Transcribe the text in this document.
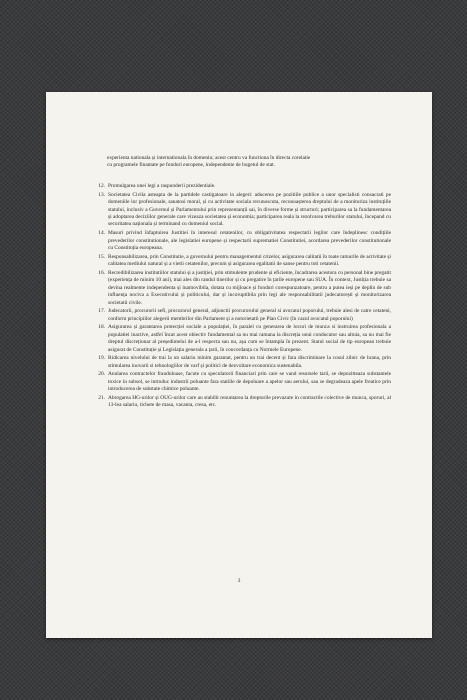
experienta nationala și internationala în domeniu; acest centru va functiona în directa corelatie

cu programele finantate pe fonduri europene, independente de bugetul de stat.

12. Promulgarea unei legi a raspunderii prezidentiale.
13. Societatea Civila asteapta de la partidele castigatoare in alegeri: aducerea pe pozitiile publice a unor specialisti consacrati pe domeniile lor profesionale, sanatosi moral, și cu activitate sociala recunoscuta, recunoașterea dreptului de a monitoriza instituțiile statului, inclusiv a Guvernul și Parlamentului prin reprezentanții sai, în diverse forme și structuri; participarea sa la fundamentarea și adoptarea deciziilor generale care vizeaza societatea și economia; participarea reala la rezolvarea treburilor statului, începand cu securitatea naționala și terminand cu domeniul social.
14. Masuri privind înfaptuirea Justitiei în interesul cetatenilor, cu obligativitatea respectarii legilor care îndeplinesc condițiile prevederilor constitutionale, ale legislatiei europene și respectarii suprematiei Constitutiei, acordarea prevederilor constitutionale cu Constituția europeana.
15. Responsabilizarea, prin Constitutie, a guvernului pentru managementul crizelor, asigurarea calitatii în toate ramurile de activitate și calitatea mediului natural și a vietii cetatenilor, precum și asigurarea egalitatii de sanse pentru toti cetatenii.
16. Recredibilizarea institutiilor statului și a justiției, prin stimulente prudente și eficiente, încadrarea acestora cu personal bine pregatit (experiența de minim 10 ani), mai ales din randul tinerilor și cu pregatire în țarile europene sau SUA. În context, Justiția trebuie sa devina realmente independenta și inamovibila, dotata cu mijloace și fonduri corespunzatoare, pentru a putea ieși pe deplin de sub influența nociva a Executivului și politicului, dar și incoruptibila prin legi ale responsabilitatii judecatorești și monitorizarea societatii civile.
17. Judecatorii, procurorii sefi, procurorul general, adjunctii procurorului general si avocatul poporului, trebuie alesi de catre cetateni, conform principiilor alegerii membrilor din Parlament și a notorietatii pe Plan Civic (în cazul avocatul poporului)
18. Asigurarea și garantarea protecției sociale a populației, în paralel cu generarea de locuri de munca si instruirea profesionala a populatiei inactive, astfel încat acest obiectiv fundamental sa nu mai ramana la discreția unui conducator sau altuia, sa nu mai fie dreptul discreționar al președintelui de a-l respecta sau nu, așa cum se întampla în prezent. Statul social de tip european trebuie asigurat de Constituție și Legislația generala a țarii, în concordanța cu Normele Europene.
19. Ridicarea nivelului de trai la un salariu minim garantat, pentru un trai decent și fara discriminare la cosul zilnic de hrana, prin stimularea inovarii si tehnologiilor de varf și politici de dezvoltare economica sustenabila.
20. Anularea contractelor frauduloase, facute cu speculatorii financiari prin care se vand resursele tarii, se depozitteaza substantele toxice in subsol, se introduc industrii poluante fara statiile de depoluare a apelor sau aerului, sau se degradeaza apele freatice prin introducerea de substate chimice poluante.
21. Abrogarea HG-urilor și OUG-urilor care au stabilit renuntarea la drepturile prevazute in contractile colective de munca, sporuri, al 13-lea salariu, tichete de masa, vacanta, cresa, etc.
3
